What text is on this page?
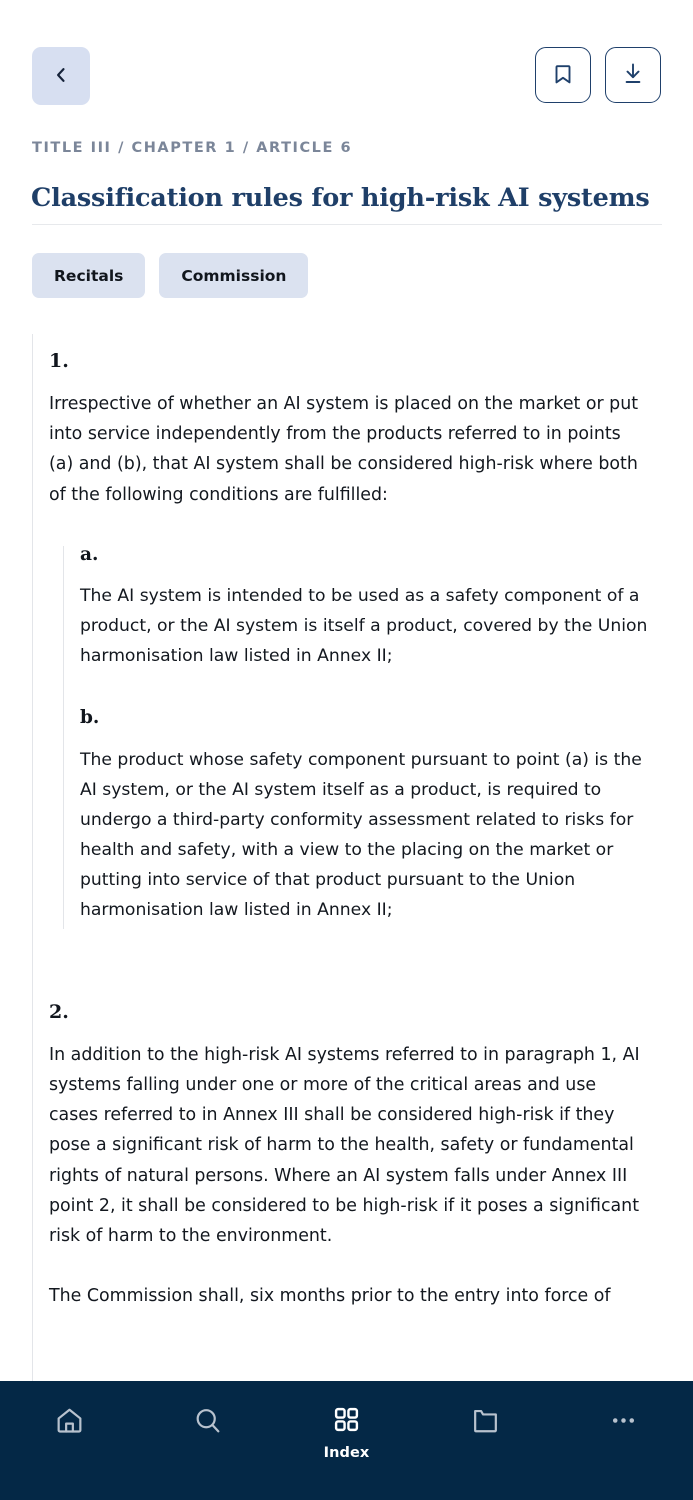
TITLE III / CHAPTER 1 / ARTICLE 6
Classification rules for high-risk AI systems
Recitals	Commission
1.

Irrespective of whether an AI system is placed on the market or put into service independently from the products referred to in points (a) and (b), that AI system shall be considered high-risk where both of the following conditions are fulfilled:

a.

The AI system is intended to be used as a safety component of a product, or the AI system is itself a product, covered by the Union harmonisation law listed in Annex II;

b.

The product whose safety component pursuant to point (a) is the AI system, or the AI system itself as a product, is required to undergo a third-party conformity assessment related to risks for health and safety, with a view to the placing on the market or putting into service of that product pursuant to the Union harmonisation law listed in Annex II;

2.

In addition to the high-risk AI systems referred to in paragraph 1, AI systems falling under one or more of the critical areas and use cases referred to in Annex III shall be considered high-risk if they pose a significant risk of harm to the health, safety or fundamental rights of natural persons. Where an AI system falls under Annex III point 2, it shall be considered to be high-risk if it poses a significant risk of harm to the environment.

The Commission shall, six months prior to the entry into force of

Index
